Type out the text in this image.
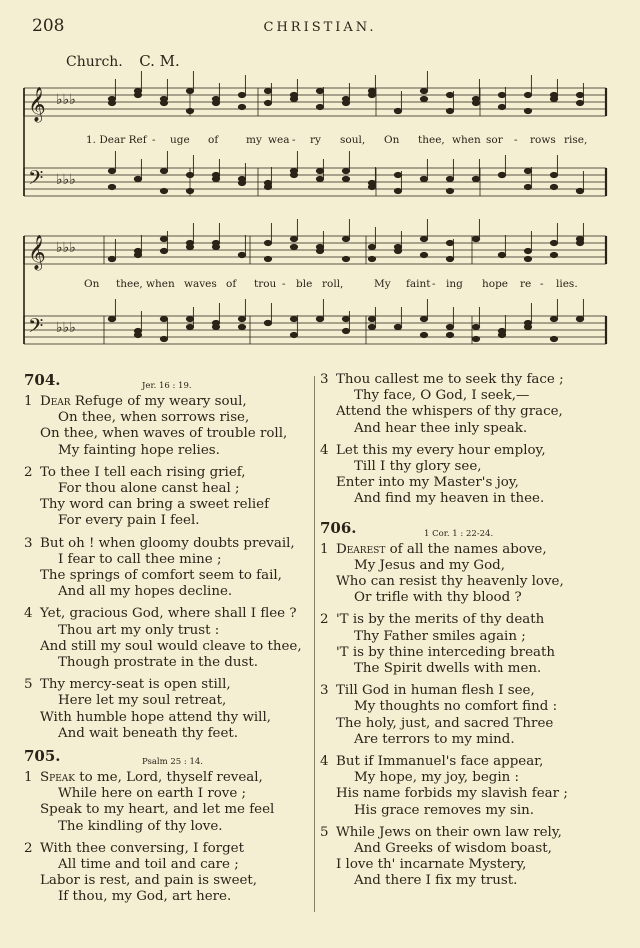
208	CHRISTIAN.
Church. C. M.
𝄞 ♭♭♭
𝄢 ♭♭♭
𝄞 ♭♭♭
𝄢 ♭♭♭
1. Dear Ref - uge of	my wea - ry soul, On thee, when sor - rows rise,
On thee, when waves of trou - ble roll,	My faint - ing hope re - lies.
704.	Jer. 16 : 19.
1 Dear Refuge of my weary soul,
On thee, when sorrows rise,
On thee, when waves of trouble roll,
My fainting hope relies.
2 To thee I tell each rising grief,
For thou alone canst heal ;
Thy word can bring a sweet relief
For every pain I feel.
3 But oh ! when gloomy doubts prevail,
I fear to call thee mine ;
The springs of comfort seem to fail,
And all my hopes decline.
4 Yet, gracious God, where shall I flee ?
Thou art my only trust :
And still my soul would cleave to thee,
Though prostrate in the dust.
5 Thy mercy-seat is open still,
Here let my soul retreat,
With humble hope attend thy will,
And wait beneath thy feet.
705.	Psalm 25 : 14.
1 Speak to me, Lord, thyself reveal,
While here on earth I rove ;
Speak to my heart, and let me feel
The kindling of thy love.
2 With thee conversing, I forget
All time and toil and care ;
Labor is rest, and pain is sweet,
If thou, my God, art here.
3 Thou callest me to seek thy face ;
Thy face, O God, I seek,—
Attend the whispers of thy grace,
And hear thee inly speak.
4 Let this my every hour employ,
Till I thy glory see,
Enter into my Master's joy,
And find my heaven in thee.
706.	1 Cor. 1 : 22-24.
1 Dearest of all the names above,
My Jesus and my God,
Who can resist thy heavenly love,
Or trifle with thy blood ?
2 'T is by the merits of thy death
Thy Father smiles again ;
'T is by thine interceding breath
The Spirit dwells with men.
3 Till God in human flesh I see,
My thoughts no comfort find :
The holy, just, and sacred Three
Are terrors to my mind.
4 But if Immanuel's face appear,
My hope, my joy, begin :
His name forbids my slavish fear ;
His grace removes my sin.
5 While Jews on their own law rely,
And Greeks of wisdom boast,
I love th' incarnate Mystery,
And there I fix my trust.
